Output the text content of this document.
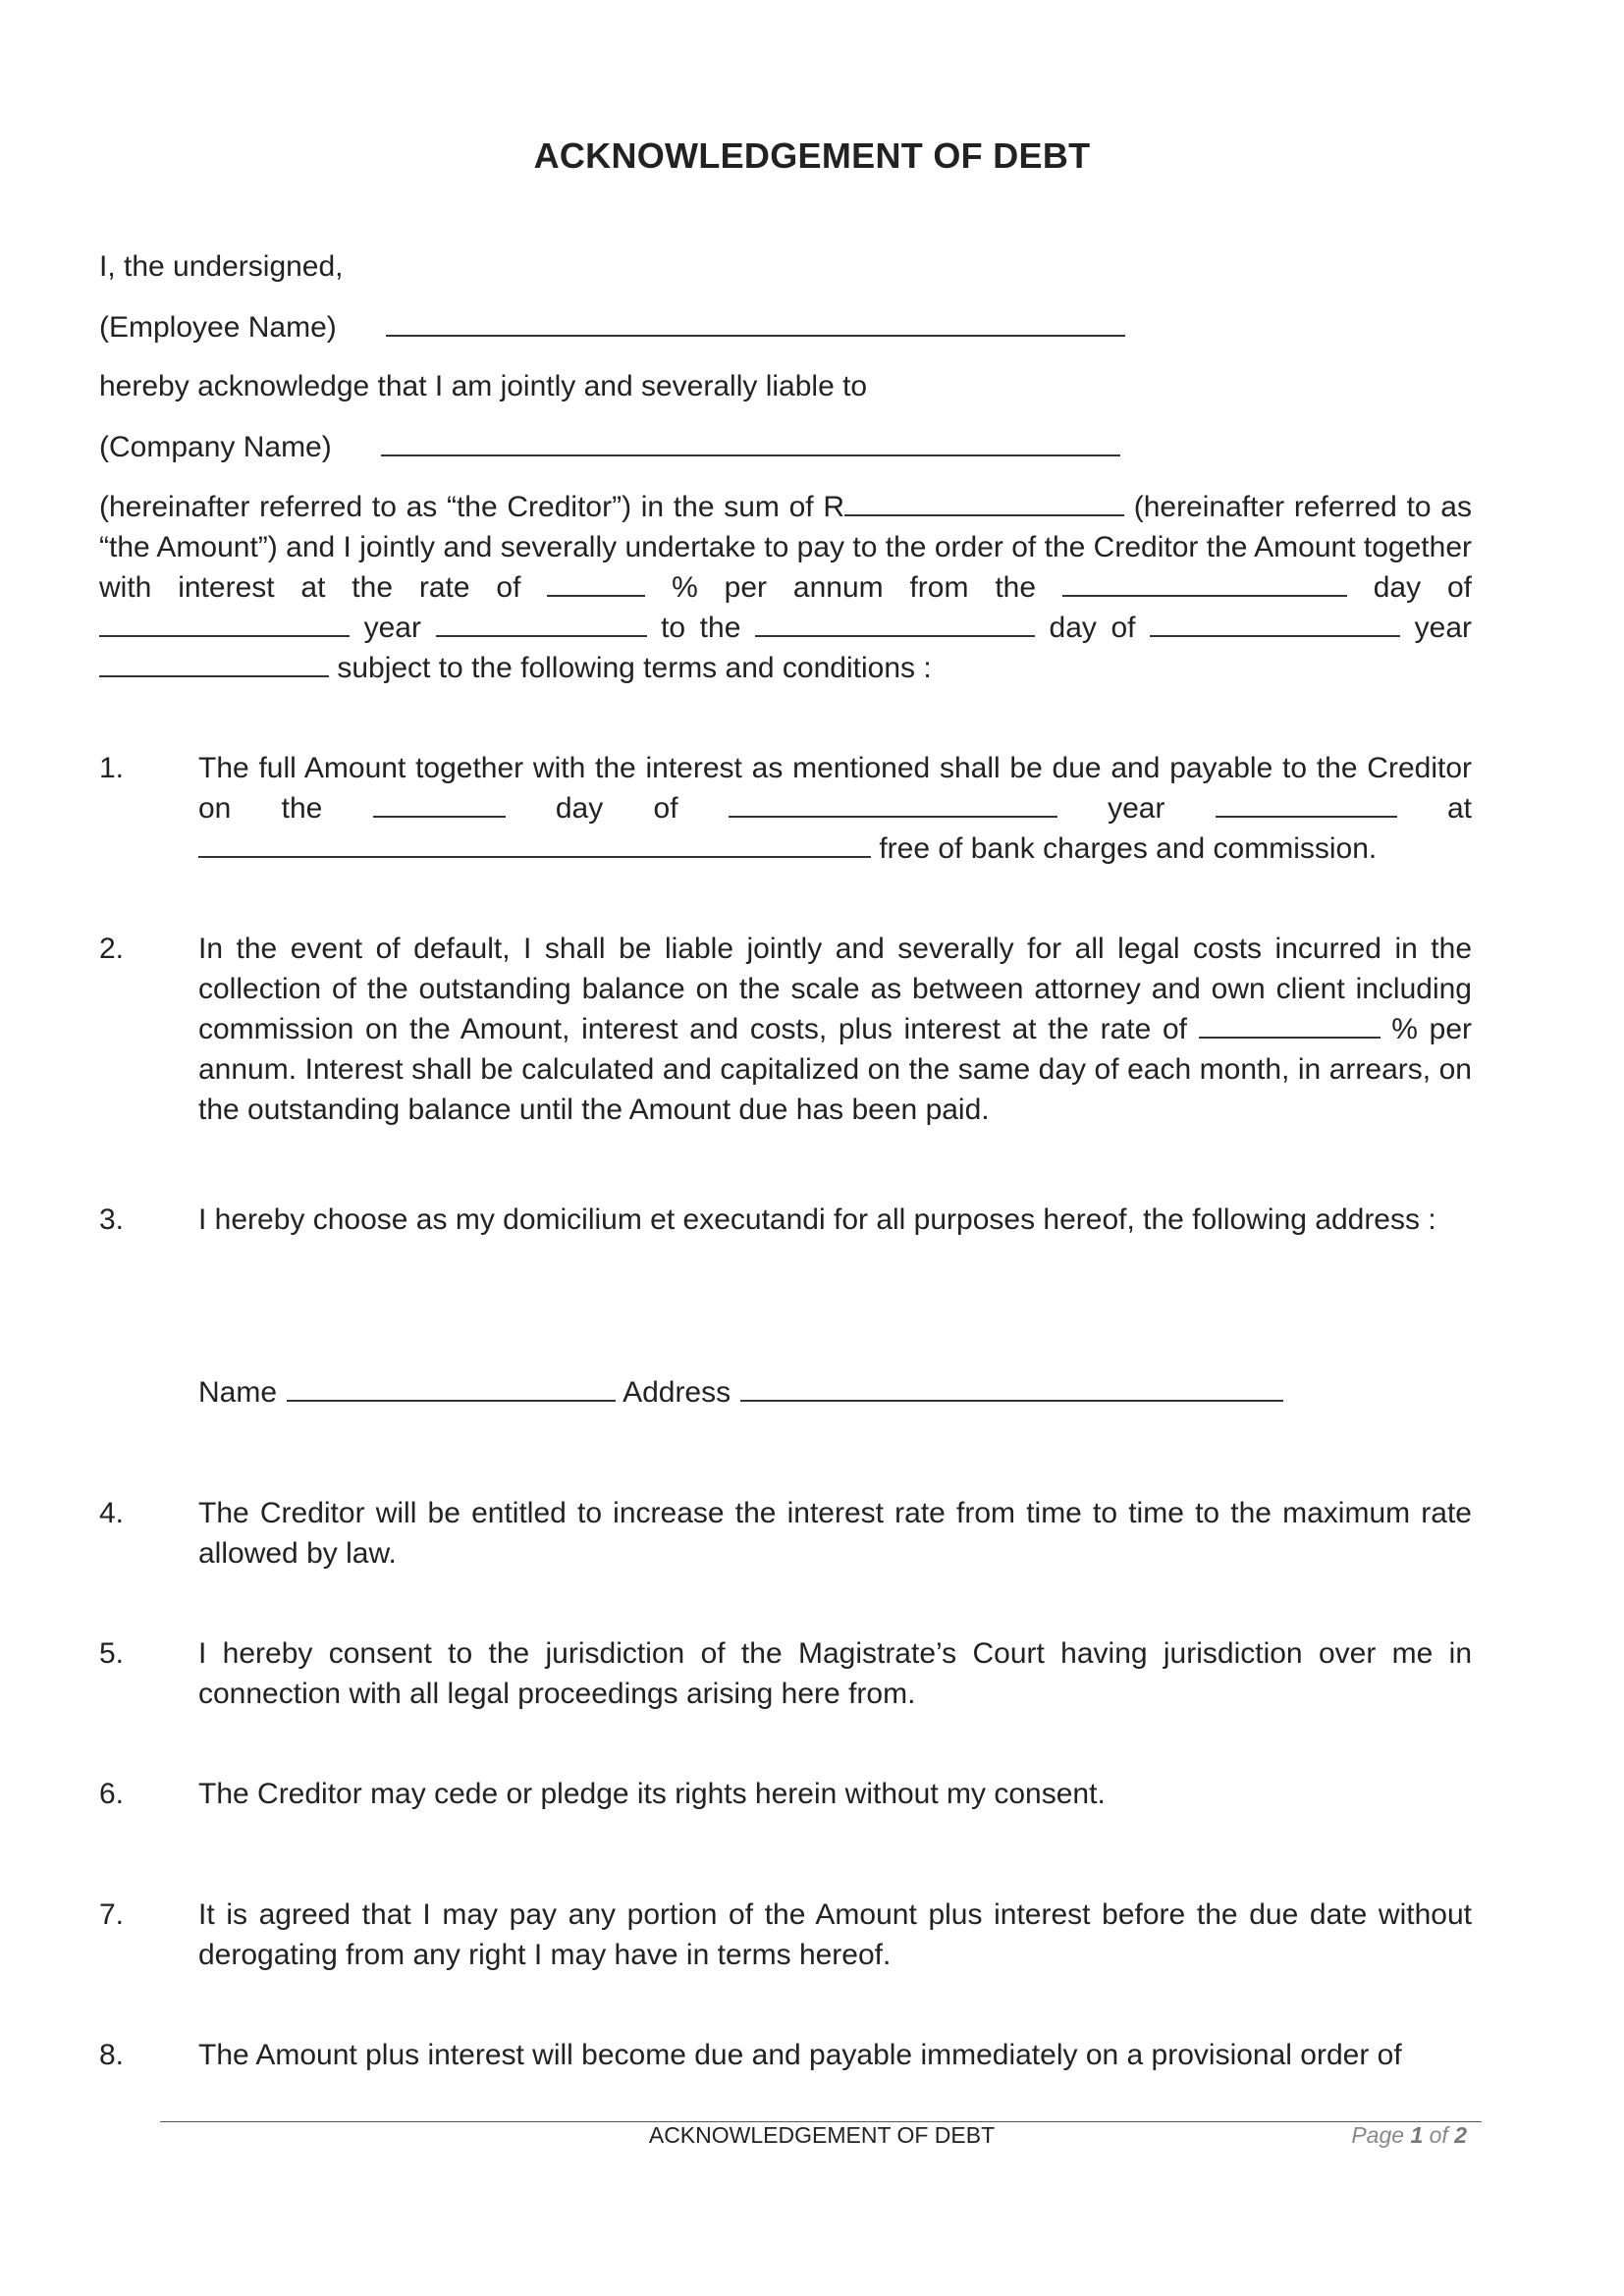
ACKNOWLEDGEMENT OF DEBT
I, the undersigned,
(Employee Name)
hereby acknowledge that I am jointly and severally liable to
(Company Name)
(hereinafter referred to as “the Creditor”) in the sum of R	(hereinafter referred to as “the Amount”) and I jointly and severally undertake to pay to the order of the Creditor the Amount together with interest at the rate of	% per annum from the	day of  year	to the	day of	year  subject to the following terms and conditions :
1.	The full Amount together with the interest as mentioned shall be due and payable to the Creditor on the	day of	year	at  free of bank charges and commission.
2.	In the event of default, I shall be liable jointly and severally for all legal costs incurred in the collection of the outstanding balance on the scale as between attorney and own client including commission on the Amount, interest and costs, plus interest at the rate of	% per annum. Interest shall be calculated and capitalized on the same day of each month, in arrears, on the outstanding balance until the Amount due has been paid.
3.	I hereby choose as my domicilium et executandi for all purposes hereof, the following address :
Name	Address
4.	The Creditor will be entitled to increase the interest rate from time to time to the maximum rate allowed by law.
5.	I hereby consent to the jurisdiction of the Magistrate’s Court having jurisdiction over me in connection with all legal proceedings arising here from.
6.	The Creditor may cede or pledge its rights herein without my consent.
7.	It is agreed that I may pay any portion of the Amount plus interest before the due date without derogating from any right I may have in terms hereof.
8.	The Amount plus interest will become due and payable immediately on a provisional order of
ACKNOWLEDGEMENT OF DEBT	Page 1 of 2
